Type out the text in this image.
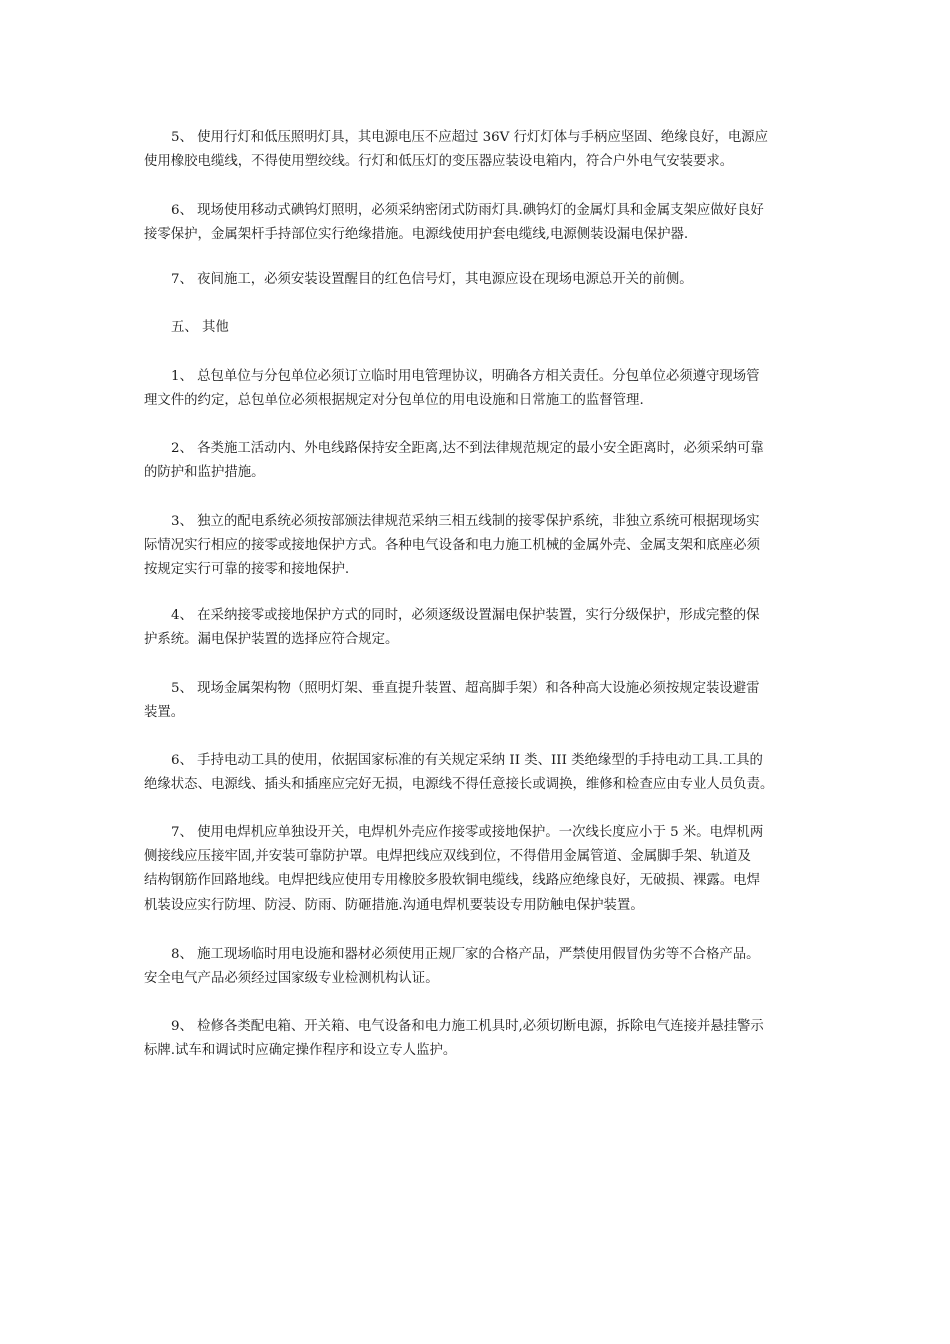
5、 使用行灯和低压照明灯具，其电源电压不应超过 36V 行灯灯体与手柄应坚固、绝缘良好，电源应
使用橡胶电缆线，不得使用塑绞线。行灯和低压灯的变压器应装设电箱内，符合户外电气安装要求。

6、 现场使用移动式碘钨灯照明，必须采纳密闭式防雨灯具.碘钨灯的金属灯具和金属支架应做好良好
接零保护，金属架杆手持部位实行绝缘措施。电源线使用护套电缆线,电源侧装设漏电保护器.

7、 夜间施工，必须安装设置醒目的红色信号灯，其电源应设在现场电源总开关的前侧。

五、 其他

1、 总包单位与分包单位必须订立临时用电管理协议，明确各方相关责任。分包单位必须遵守现场管
理文件的约定，总包单位必须根据规定对分包单位的用电设施和日常施工的监督管理.

2、 各类施工活动内、外电线路保持安全距离,达不到法律规范规定的最小安全距离时，必须采纳可靠
的防护和监护措施。

3、 独立的配电系统必须按部颁法律规范采纳三相五线制的接零保护系统，非独立系统可根据现场实
际情况实行相应的接零或接地保护方式。各种电气设备和电力施工机械的金属外壳、金属支架和底座必须
按规定实行可靠的接零和接地保护.

4、 在采纳接零或接地保护方式的同时，必须逐级设置漏电保护装置，实行分级保护，形成完整的保
护系统。漏电保护装置的选择应符合规定。

5、 现场金属架构物（照明灯架、垂直提升装置、超高脚手架）和各种高大设施必须按规定装设避雷
装置。

6、 手持电动工具的使用，依据国家标准的有关规定采纳 II 类、III 类绝缘型的手持电动工具.工具的
绝缘状态、电源线、插头和插座应完好无损，电源线不得任意接长或调换，维修和检查应由专业人员负责。

7、 使用电焊机应单独设开关，电焊机外壳应作接零或接地保护。一次线长度应小于 5 米。电焊机两
侧接线应压接牢固,并安装可靠防护罩。电焊把线应双线到位，不得借用金属管道、金属脚手架、轨道及
结构钢筋作回路地线。电焊把线应使用专用橡胶多股软铜电缆线，线路应绝缘良好，无破损、裸露。电焊
机装设应实行防埋、防浸、防雨、防砸措施.沟通电焊机要装设专用防触电保护装置。

8、 施工现场临时用电设施和器材必须使用正规厂家的合格产品，严禁使用假冒伪劣等不合格产品。
安全电气产品必须经过国家级专业检测机构认证。

9、 检修各类配电箱、开关箱、电气设备和电力施工机具时,必须切断电源，拆除电气连接并悬挂警示
标牌.试车和调试时应确定操作程序和设立专人监护。
